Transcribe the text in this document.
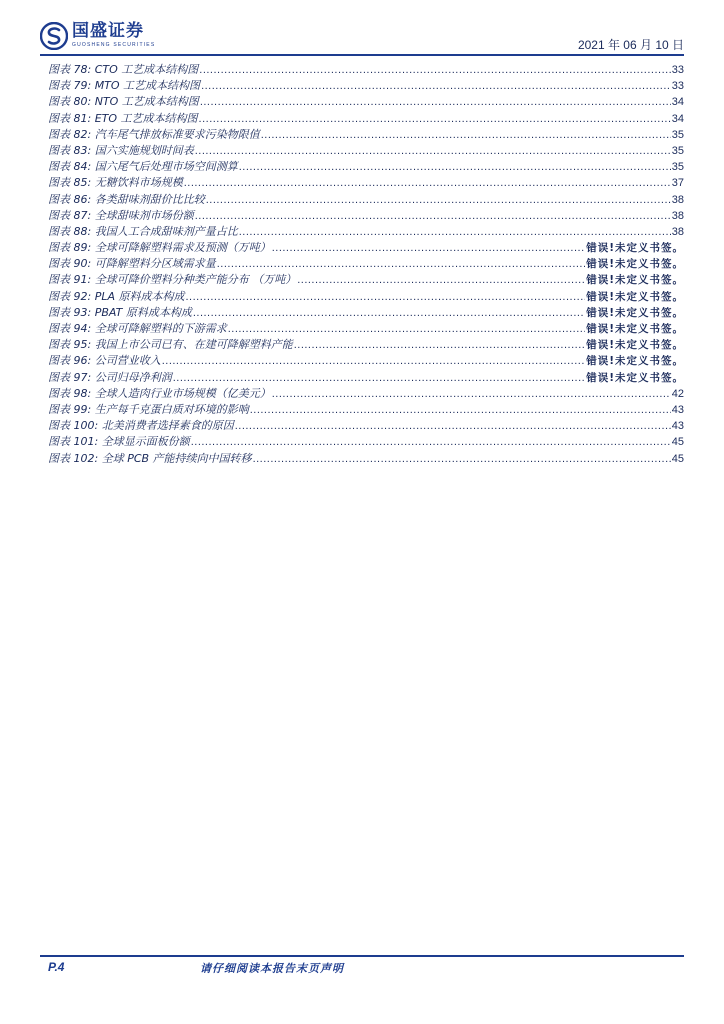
国盛证券
GUOSHENG SECURITIES	2021 年 06 月 10 日
图表 78: CTO 工艺成本结构图 .....	33
图表 79: MTO 工艺成本结构图 .....	33
图表 80: NTO 工艺成本结构图 .....	34
图表 81: ETO 工艺成本结构图 .....	34
图表 82: 汽车尾气排放标准要求污染物限值 .....	35
图表 83: 国六实施规划时间表 .....	35
图表 84: 国六尾气后处理市场空间测算 .....	35
图表 85: 无糖饮料市场规模 .....	37
图表 86: 各类甜味剂甜价比比较 .....	38
图表 87: 全球甜味剂市场份额 .....	38
图表 88: 我国人工合成甜味剂产量占比 .....	38
图表 89: 全球可降解塑料需求及预测（万吨） .....	错误!未定义书签。
图表 90: 可降解塑料分区域需求量 .....	错误!未定义书签。
图表 91: 全球可降价塑料分种类产能分布 （万吨） .....	错误!未定义书签。
图表 92: PLA 原料成本构成 .....	错误!未定义书签。
图表 93: PBAT 原料成本构成 .....	错误!未定义书签。
图表 94: 全球可降解塑料的下游需求 .....	错误!未定义书签。
图表 95: 我国上市公司已有、在建可降解塑料产能 .....	错误!未定义书签。
图表 96: 公司营业收入 .....	错误!未定义书签。
图表 97: 公司归母净利润 .....	错误!未定义书签。
图表 98: 全球人造肉行业市场规模（亿美元） .....	42
图表 99: 生产每千克蛋白质对环境的影响 .....	43
图表 100: 北美消费者选择素食的原因 .....	43
图表 101: 全球显示面板份额 .....	45
图表 102: 全球 PCB 产能持续向中国转移 .....	45
P.4	请仔细阅读本报告末页声明
